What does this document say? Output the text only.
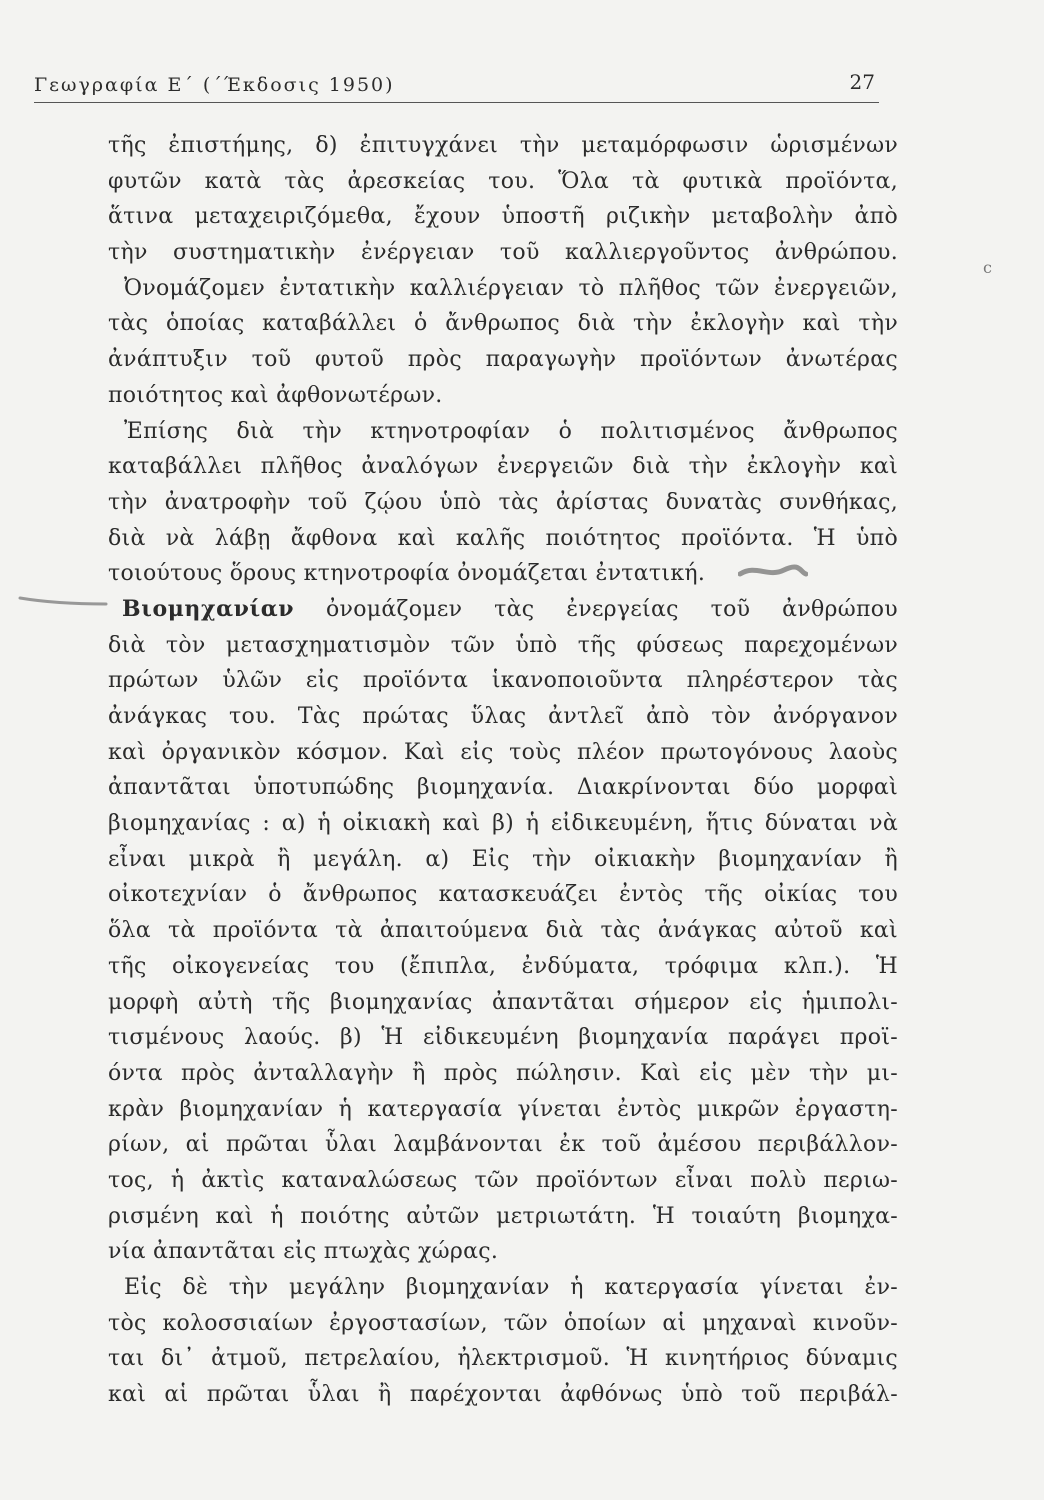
Γεωγραφία Ε΄ (΄Έκδοσις 1950)	27
c
τῆς ἐπιστήμης, δ) ἐπιτυγχάνει τὴν μεταμόρφωσιν ὡρισμένων
φυτῶν κατὰ τὰς ἀρεσκείας του. Ὅλα τὰ φυτικὰ προϊόντα,
ἅτινα μεταχειριζόμεθα, ἔχουν ὑποστῆ ριζικὴν μεταβολὴν ἀπὸ
τὴν συστηματικὴν ἐνέργειαν τοῦ καλλιεργοῦντος ἀνθρώπου.
Ὀνομάζομεν ἐντατικὴν καλλιέργειαν τὸ πλῆθος τῶν ἐνεργειῶν,
τὰς ὁποίας καταβάλλει ὁ ἄνθρωπος διὰ τὴν ἐκλογὴν καὶ τὴν
ἀνάπτυξιν τοῦ φυτοῦ πρὸς παραγωγὴν προϊόντων ἀνωτέρας
ποιότητος καὶ ἀφθονωτέρων.
Ἐπίσης διὰ τὴν κτηνοτροφίαν ὁ πολιτισμένος ἄνθρωπος
καταβάλλει πλῆθος ἀναλόγων ἐνεργειῶν διὰ τὴν ἐκλογὴν καὶ
τὴν ἀνατροφὴν τοῦ ζῴου ὑπὸ τὰς ἀρίστας δυνατὰς συνθήκας,
διὰ νὰ λάβῃ ἄφθονα καὶ καλῆς ποιότητος προϊόντα. Ἡ ὑπὸ
τοιούτους ὅρους κτηνοτροφία ὀνομάζεται ἐντατική.
Βιομηχανίαν ὀνομάζομεν τὰς ἐνεργείας τοῦ ἀνθρώπου
διὰ τὸν μετασχηματισμὸν τῶν ὑπὸ τῆς φύσεως παρεχομένων
πρώτων ὑλῶν εἰς προϊόντα ἱκανοποιοῦντα πληρέστερον τὰς
ἀνάγκας του. Τὰς πρώτας ὕλας ἀντλεῖ ἀπὸ τὸν ἀνόργανον
καὶ ὀργανικὸν κόσμον. Καὶ εἰς τοὺς πλέον πρωτογόνους λαοὺς
ἀπαντᾶται ὑποτυπώδης βιομηχανία. Διακρίνονται δύο μορφαὶ
βιομηχανίας : α) ἡ οἰκιακὴ καὶ β) ἡ εἰδικευμένη, ἥτις δύναται νὰ
εἶναι μικρὰ ἢ μεγάλη. α) Εἰς τὴν οἰκιακὴν βιομηχανίαν ἢ
οἰκοτεχνίαν ὁ ἄνθρωπος κατασκευάζει ἐντὸς τῆς οἰκίας του
ὅλα τὰ προϊόντα τὰ ἀπαιτούμενα διὰ τὰς ἀνάγκας αὐτοῦ καὶ
τῆς οἰκογενείας του (ἔπιπλα, ἐνδύματα, τρόφιμα κλπ.). Ἡ
μορφὴ αὐτὴ τῆς βιομηχανίας ἀπαντᾶται σήμερον εἰς ἡμιπολι-
τισμένους λαούς. β) Ἡ εἰδικευμένη βιομηχανία παράγει προϊ-
όντα πρὸς ἀνταλλαγὴν ἢ πρὸς πώλησιν. Καὶ εἰς μὲν τὴν μι-
κρὰν βιομηχανίαν ἡ κατεργασία γίνεται ἐντὸς μικρῶν ἐργαστη-
ρίων, αἱ πρῶται ὗλαι λαμβάνονται ἐκ τοῦ ἀμέσου περιβάλλον-
τος, ἡ ἀκτὶς καταναλώσεως τῶν προϊόντων εἶναι πολὺ περιω-
ρισμένη καὶ ἡ ποιότης αὐτῶν μετριωτάτη. Ἡ τοιαύτη βιομηχα-
νία ἀπαντᾶται εἰς πτωχὰς χώρας.
Εἰς δὲ τὴν μεγάλην βιομηχανίαν ἡ κατεργασία γίνεται ἐν-
τὸς κολοσσιαίων ἐργοστασίων, τῶν ὁποίων αἱ μηχαναὶ κινοῦν-
ται δι᾿ ἀτμοῦ, πετρελαίου, ἠλεκτρισμοῦ. Ἡ κινητήριος δύναμις
καὶ αἱ πρῶται ὗλαι ἢ παρέχονται ἀφθόνως ὑπὸ τοῦ περιβάλ-
